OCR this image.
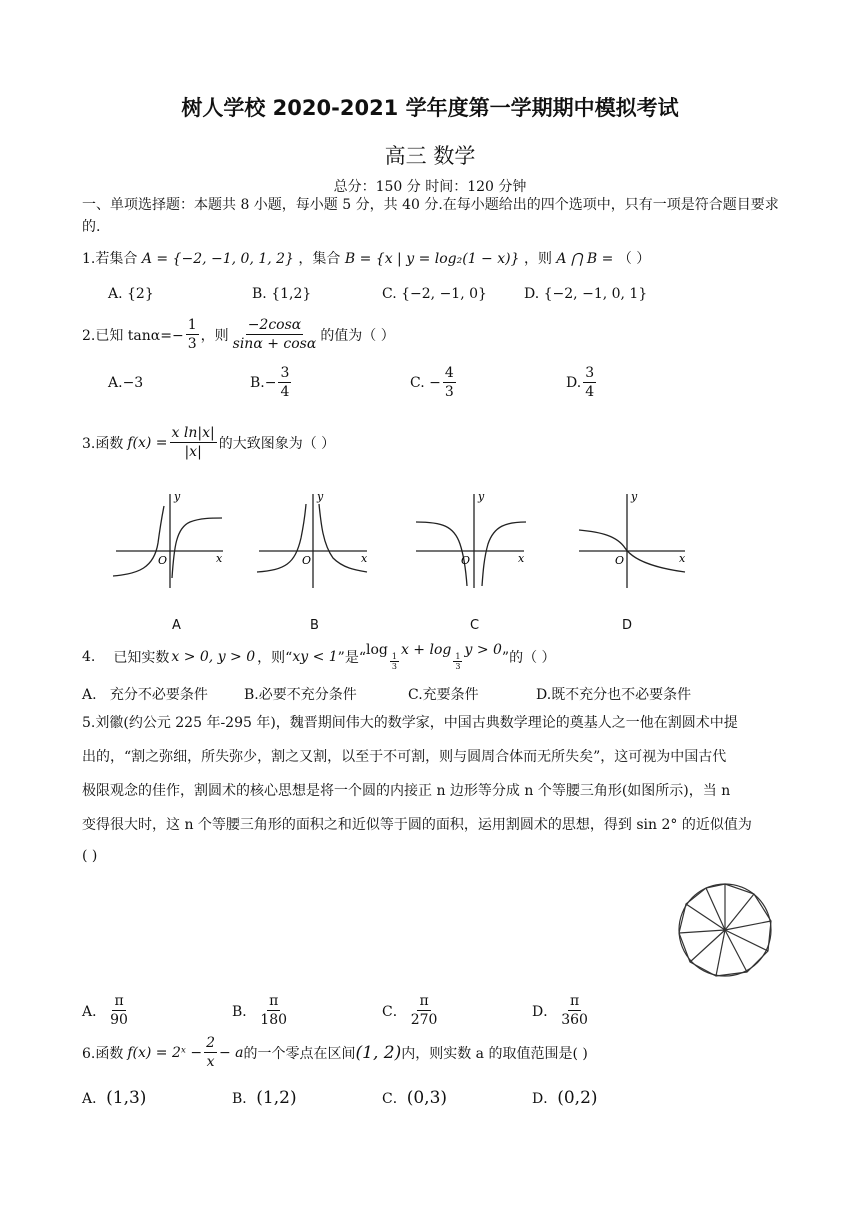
树人学校 2020-2021 学年度第一学期期中模拟考试
高三 数学
总分：150 分 时间：120 分钟
一、单项选择题：本题共 8 小题，每小题 5 分，共 40 分.在每小题给出的四个选项中，只有一项是符合题目要求的.
1.若集合 A = {−2, −1, 0, 1, 2} ，集合 B = {x | y = log₂(1 − x)} ，则 A ⋂ B = （ ）
A. {2}	B. {1,2}	C. {−2, −1, 0}	D. {−2, −1, 0, 1}
2.已知 $\tan\alpha=- \frac{1}{3}$ ，则 $\frac{-2\cos\alpha}{\sin\alpha + \cos\alpha}$ 的值为（ ）
A.−3	$B.- \frac{3}{4}$	C. − $\frac{4}{3}$	D. $\frac{3}{4}$
3.函数 $f(x) = \frac{\text{x ln|x|}}{|x|}$ 的大致图象为（ ）
y
x
O
y
x
O
y
x
O
y
x
O
A	B	C	D
4. 已知实数 x > 0, y > 0 ，则“ xy < 1 ”是“ log
$\frac{1}{3}$
x + log
$\frac{1}{3}$
y > 0 ”的（ ）
A. 充分不必要条件	B.必要不充分条件	C.充要条件	D.既不充分也不必要条件
5.刘徽(约公元 225 年-295 年)，魏晋期间伟大的数学家，中国古典数学理论的奠基人之一他在割圆术中提
出的，“割之弥细，所失弥少，割之又割，以至于不可割，则与圆周合体而无所失矣”，这可视为中国古代
极限观念的佳作，割圆术的核心思想是将一个圆的内接正 n 边形等分成 n 个等腰三角形(如图所示)，当 n
变得很大时，这 n 个等腰三角形的面积之和近似等于圆的面积，运用割圆术的思想，得到 sin 2° 的近似值为
( )
A． $\frac{\pi}{90}$	B． $\frac{\pi}{180}$	C． $\frac{\pi}{270}$	D． $\frac{\pi}{360}$
6.函数 f(x) = 2ˣ − $\frac{2}{x} - a$ 的一个零点在区间 (1, 2) 内，则实数 a 的取值范围是( )
A．(1,3)	B．(1,2)	C．(0,3)	D．(0,2)
